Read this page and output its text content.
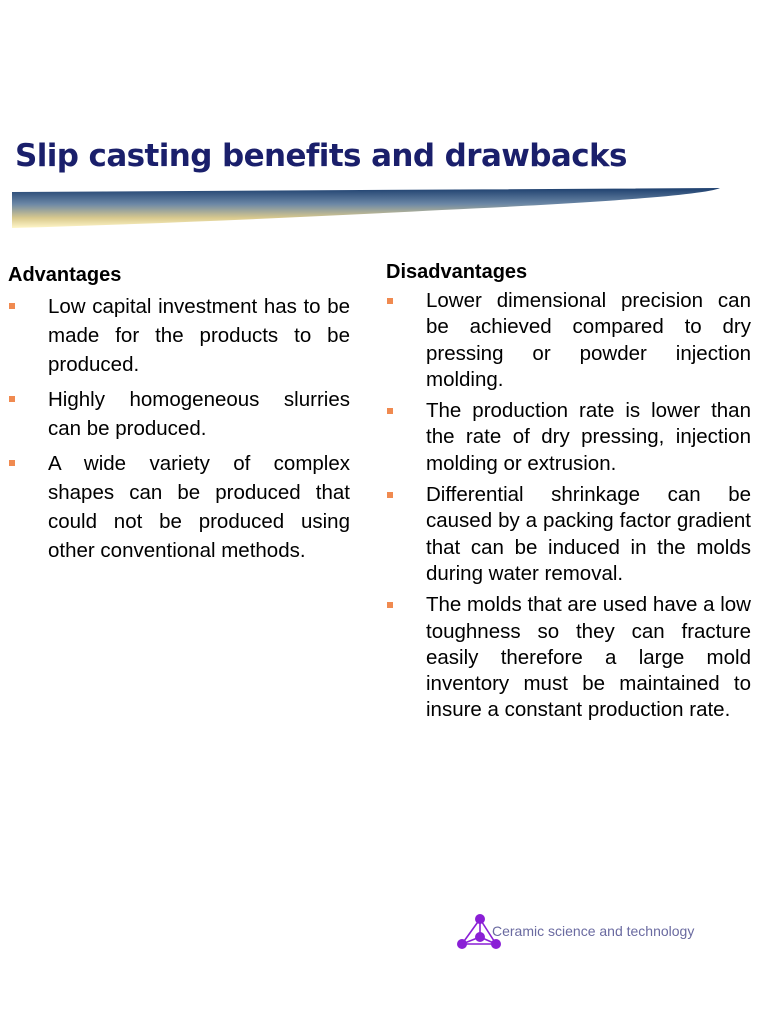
Slip casting benefits and drawbacks
Advantages
Low capital investment has to be made for the products to be produced.
Highly homogeneous slurries can be produced.
A wide variety of complex shapes can be produced that could not be produced using other conventional methods.
Disadvantages
Lower dimensional precision can be achieved compared to dry pressing or powder injection molding.
The production rate is lower than the rate of dry pressing, injection molding or extrusion.
Differential shrinkage can be caused by a packing factor gradient that can be induced in the molds during water removal.
The molds that are used have a low toughness so they can fracture easily therefore a large mold inventory must be maintained to insure a constant production rate.
Ceramic science and technology
